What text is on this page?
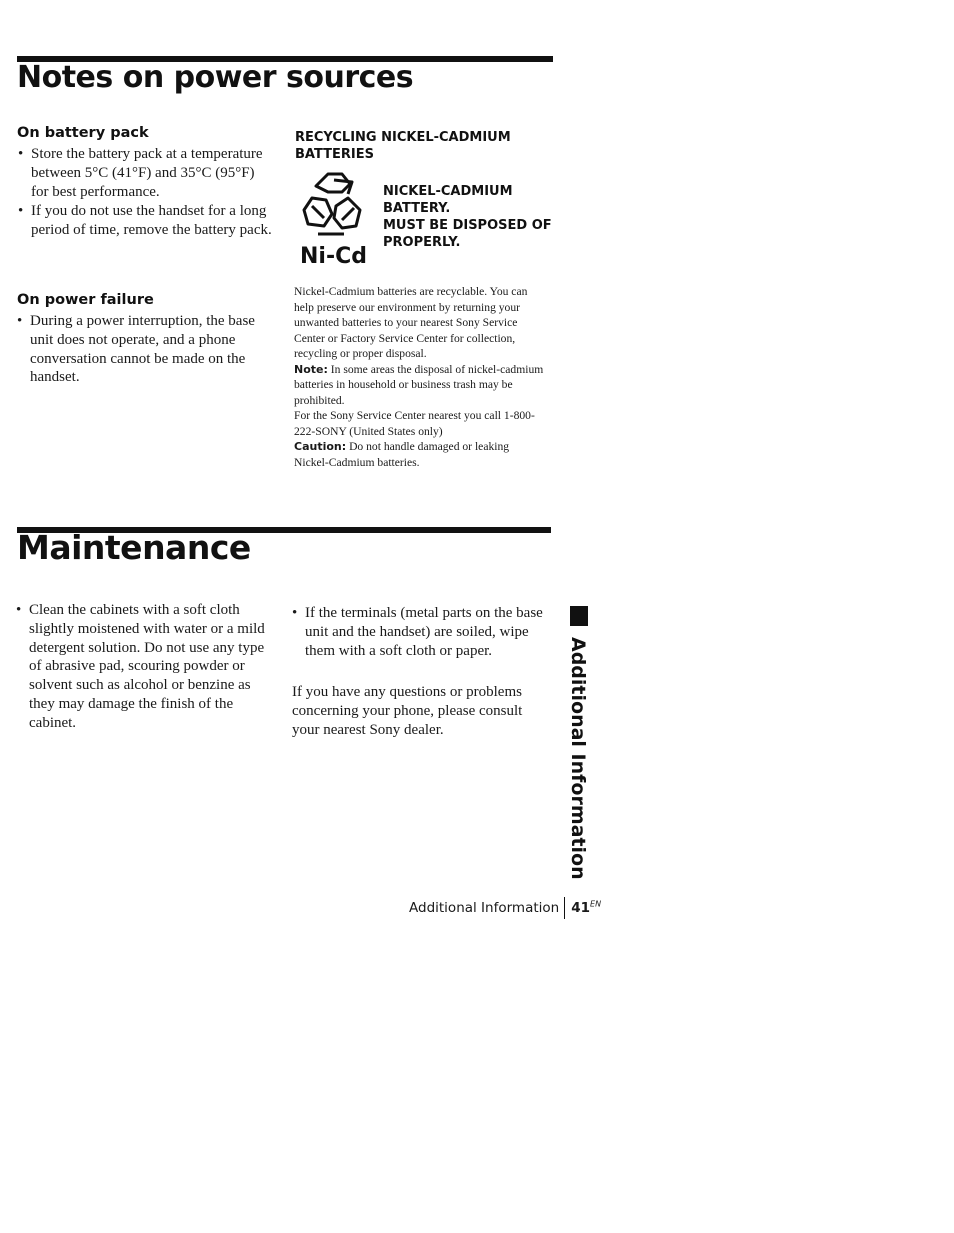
Notes on power sources
On battery pack
• Store the battery pack at a temperature between 5°C (41°F) and 35°C (95°F) for best performance.
• If you do not use the handset for a long period of time, remove the battery pack.
On power failure
• During a power interruption, the base unit does not operate, and a phone conversation cannot be made on the handset.
RECYCLING NICKEL-CADMIUM
BATTERIES
Ni-Cd
NICKEL-CADMIUM
BATTERY.
MUST BE DISPOSED OF
PROPERLY.
Nickel-Cadmium batteries are recyclable. You can help preserve our environment by returning your unwanted batteries to your nearest Sony Service Center or Factory Service Center for collection, recycling or proper disposal.
Note: In some areas the disposal of nickel-cadmium batteries in household or business trash may be prohibited.
For the Sony Service Center nearest you call 1-800-222-SONY (United States only)
Caution: Do not handle damaged or leaking Nickel-Cadmium batteries.
Maintenance
• Clean the cabinets with a soft cloth slightly moistened with water or a mild detergent solution. Do not use any type of abrasive pad, scouring powder or solvent such as alcohol or benzine as they may damage the finish of the cabinet.
• If the terminals (metal parts on the base unit and the handset) are soiled, wipe them with a soft cloth or paper.

If you have any questions or problems concerning your phone, please consult your nearest Sony dealer.	Additional Information
Additional Information $41^{EN}$
